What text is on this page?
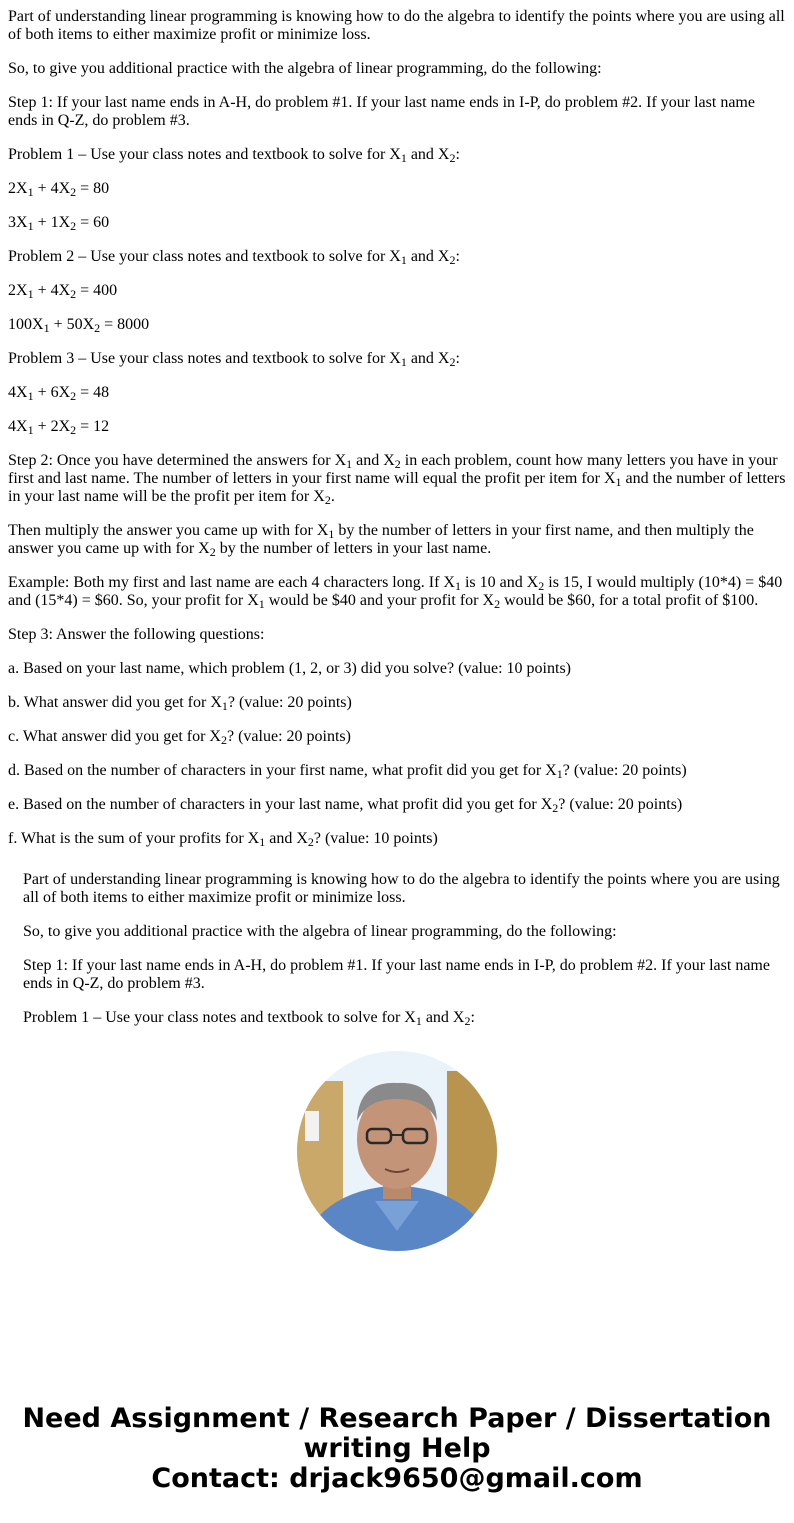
Part of understanding linear programming is knowing how to do the algebra to identify the points where you are using all of both items to either maximize profit or minimize loss.

So, to give you additional practice with the algebra of linear programming, do the following:

Step 1: If your last name ends in A-H, do problem #1. If your last name ends in I-P, do problem #2. If your last name ends in Q-Z, do problem #3.

Problem 1 – Use your class notes and textbook to solve for $X_1$ and $X_2$:

$2X_1 + 4X_2 = 80$

$3X_1 + 1X_2 = 60$

Problem 2 – Use your class notes and textbook to solve for $X_1$ and $X_2$:

$2X_1 + 4X_2 = 400$

$100X_1 + 50X_2 = 8000$

Problem 3 – Use your class notes and textbook to solve for $X_1$ and $X_2$:

$4X_1 + 6X_2 = 48$

$4X_1 + 2X_2 = 12$

Step 2: Once you have determined the answers for $X_1$ and $X_2$ in each problem, count how many letters you have in your first and last name. The number of letters in your first name will equal the profit per item for $X_1$ and the number of letters in your last name will be the profit per item for $X_2$.

Then multiply the answer you came up with for $X_1$ by the number of letters in your first name, and then multiply the answer you came up with for $X_2$ by the number of letters in your last name.

Example: Both my first and last name are each 4 characters long. If $X_1$ is 10 and $X_2$ is 15, I would multiply (10*4) = $40 and (15*4) = $60. So, your profit for $X_1$ would be $40 and your profit for $X_2$ would be $60, for a total profit of $100.

Step 3: Answer the following questions:

a. Based on your last name, which problem (1, 2, or 3) did you solve? (value: 10 points)

b. What answer did you get for $X_1$? (value: 20 points)

c. What answer did you get for $X_2$? (value: 20 points)

d. Based on the number of characters in your first name, what profit did you get for $X_1$? (value: 20 points)

e. Based on the number of characters in your last name, what profit did you get for $X_2$? (value: 20 points)

f. What is the sum of your profits for $X_1$ and $X_2$? (value: 10 points)

Part of understanding linear programming is knowing how to do the algebra to identify the points where you are using all of both items to either maximize profit or minimize loss.

So, to give you additional practice with the algebra of linear programming, do the following:

Step 1: If your last name ends in A-H, do problem #1. If your last name ends in I-P, do problem #2. If your last name ends in Q-Z, do problem #3.

Problem 1 – Use your class notes and textbook to solve for $X_1$ and $X_2$:

Need Assignment / Research Paper / Dissertation
writing Help
Contact: drjack9650@gmail.com
